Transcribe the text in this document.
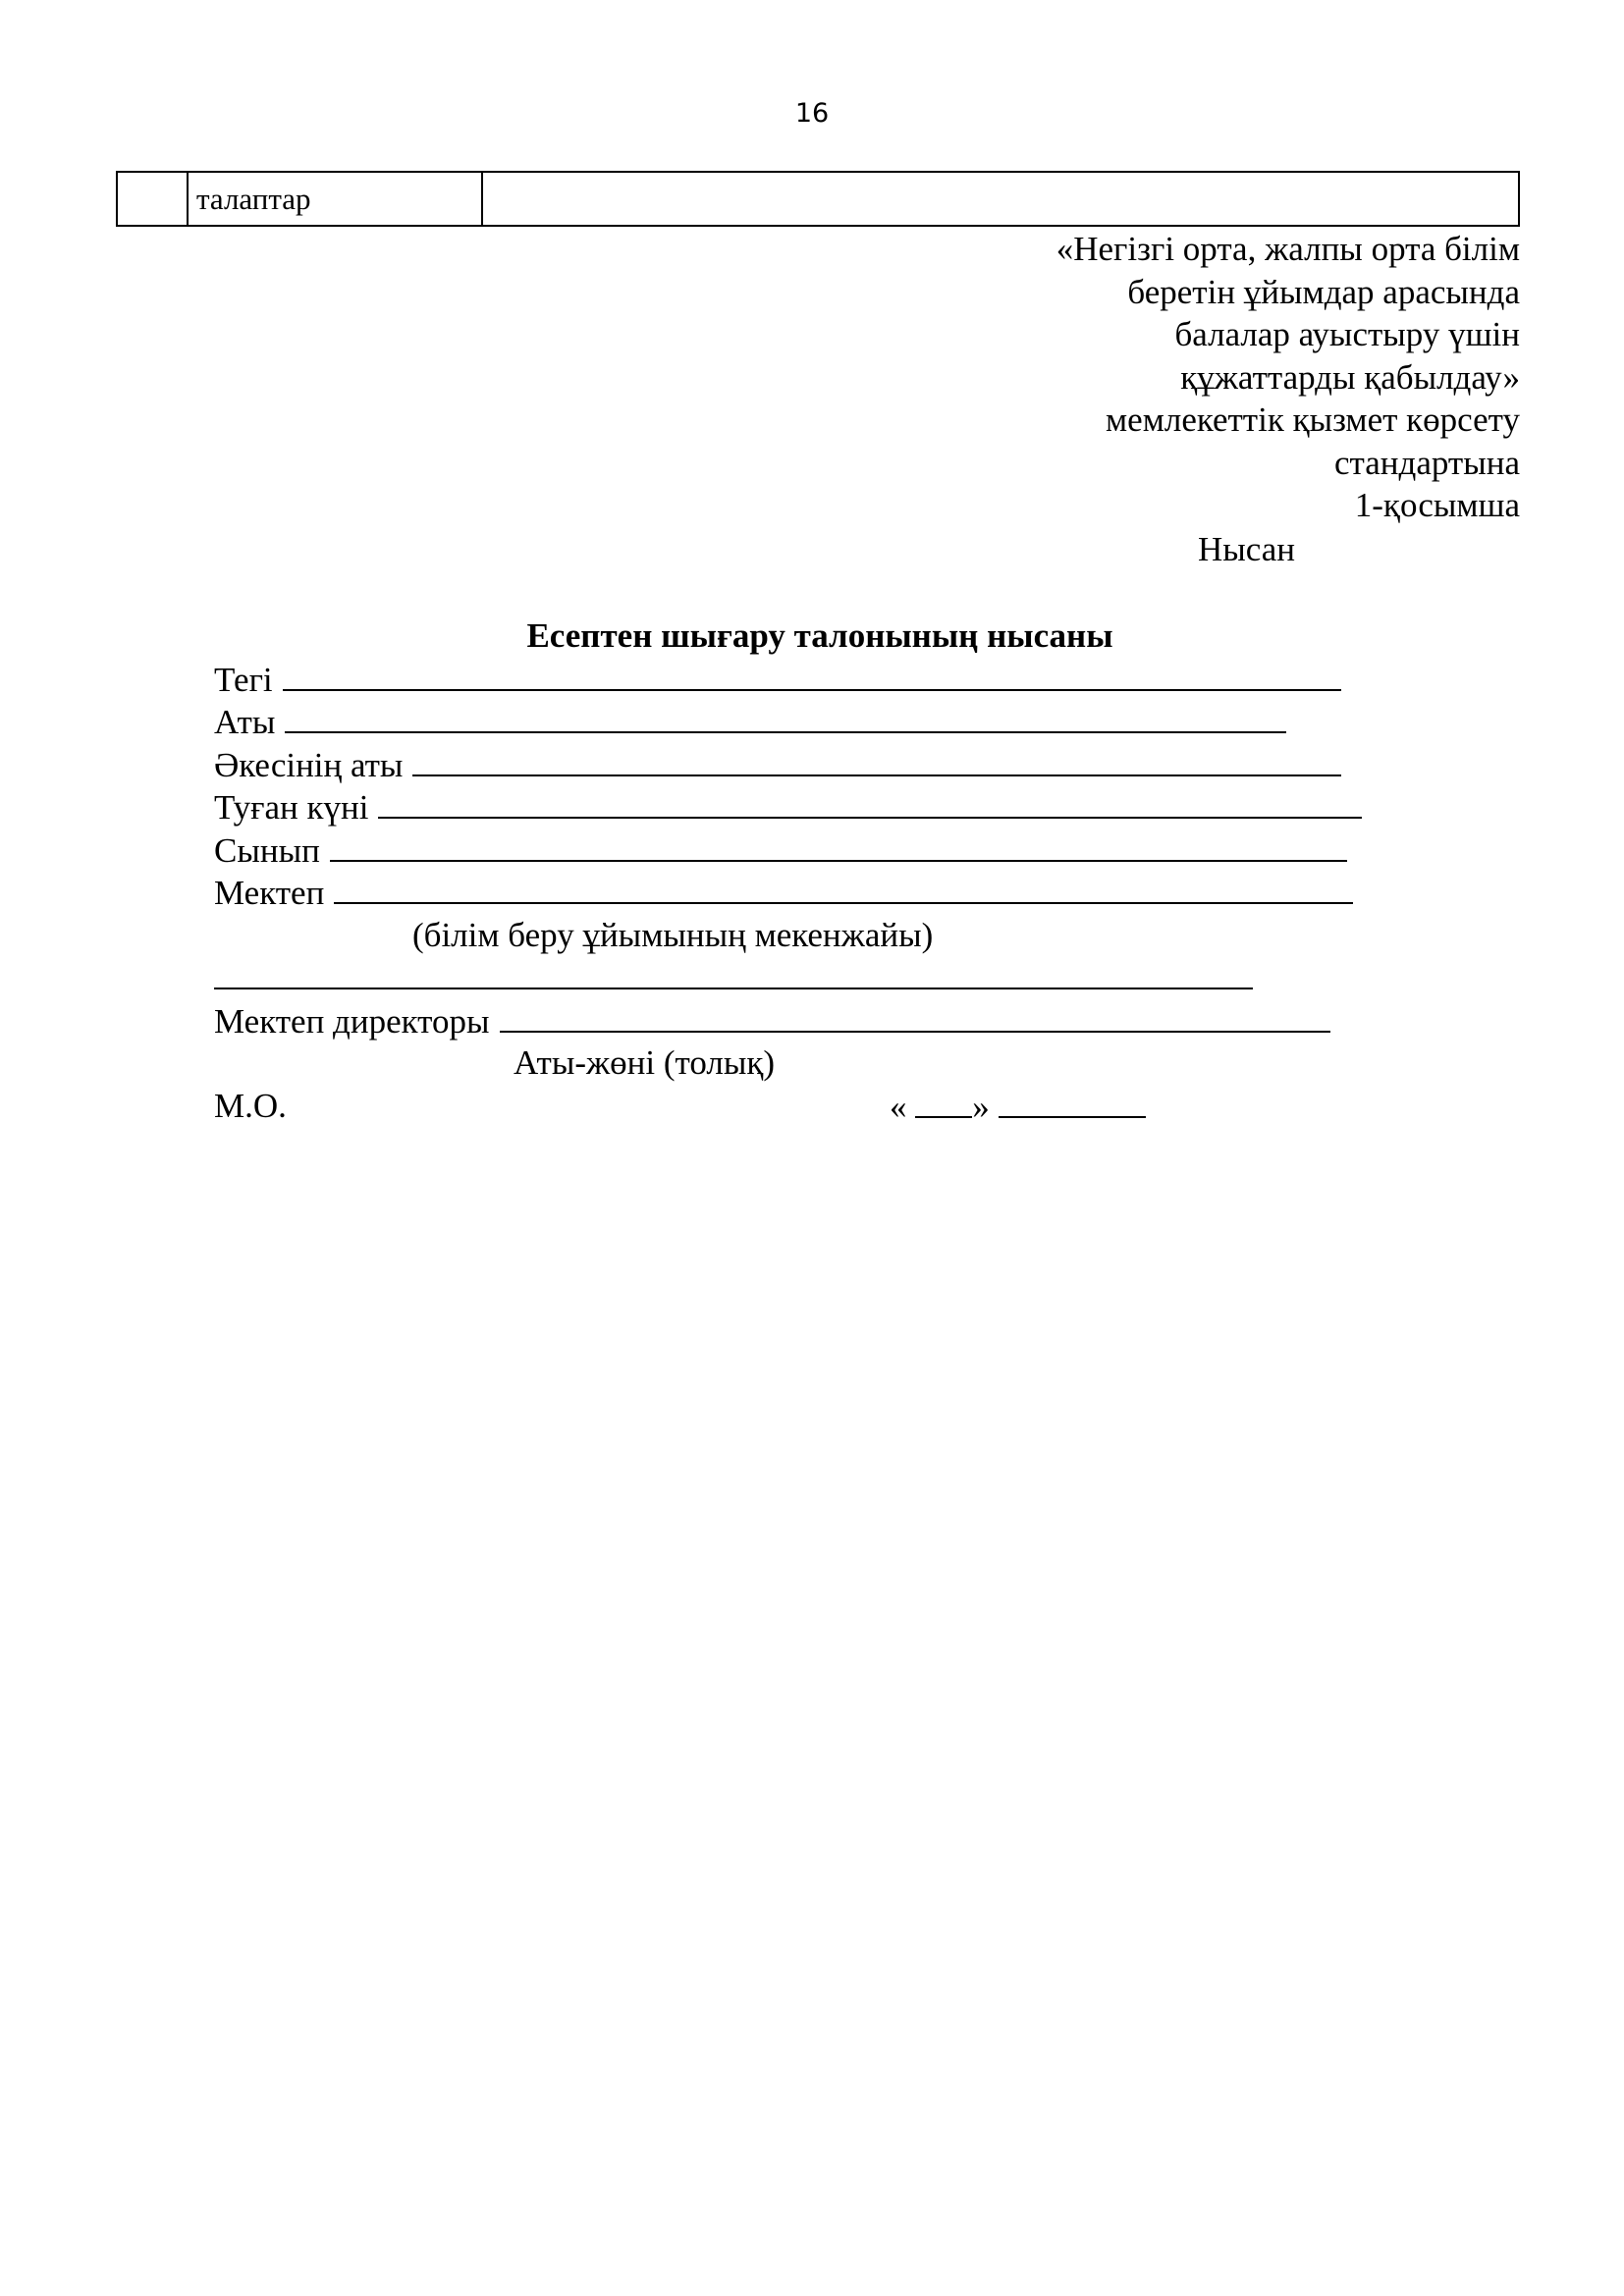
16
	талаптар	
«Негізгі орта, жалпы орта білім
беретін ұйымдар арасында
балалар ауыстыру үшін
құжаттарды қабылдау»
мемлекеттік қызмет көрсету
стандартына
1-қосымша
Нысан
Есептен шығару талонының нысаны
Тегі
Аты
Әкесінің аты
Туған күні
Сынып
Мектеп
(білім беру ұйымының мекенжайы)
Мектеп директоры
Аты-жөні (толық)
М.О.	« »
